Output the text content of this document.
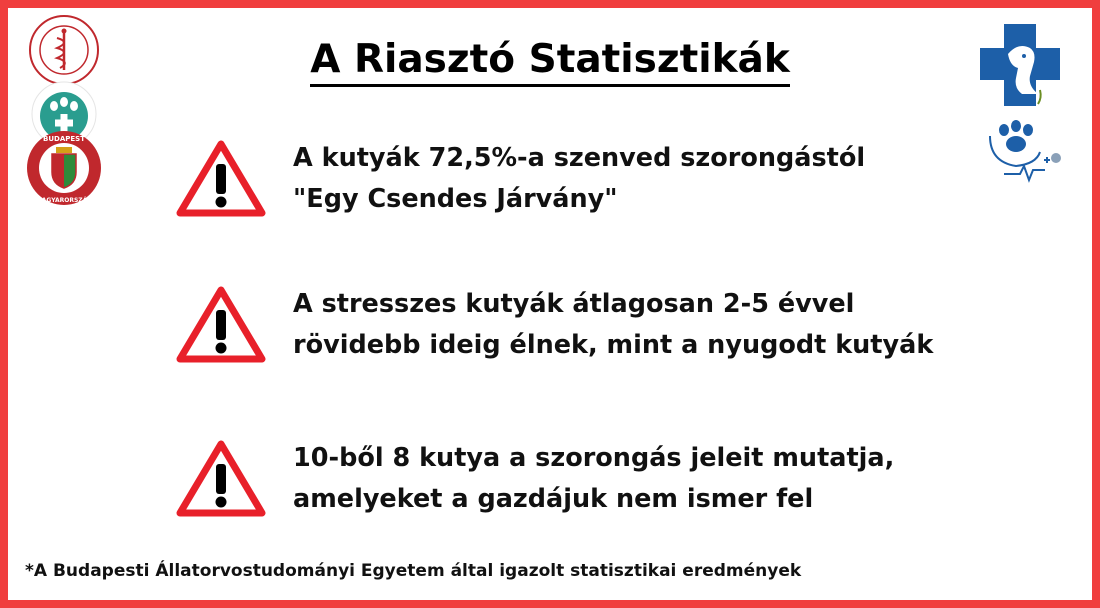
BUDAPEST
MAGYARORSZÁG
A Riasztó Statisztikák
A kutyák 72,5%-a szenved szorongástól
"Egy Csendes Járvány"
A stresszes kutyák átlagosan 2-5 évvel
rövidebb ideig élnek, mint a nyugodt kutyák
10-ből 8 kutya a szorongás jeleit mutatja,
amelyeket a gazdájuk nem ismer fel
*A Budapesti Állatorvostudományi Egyetem által igazolt statisztikai eredmények
